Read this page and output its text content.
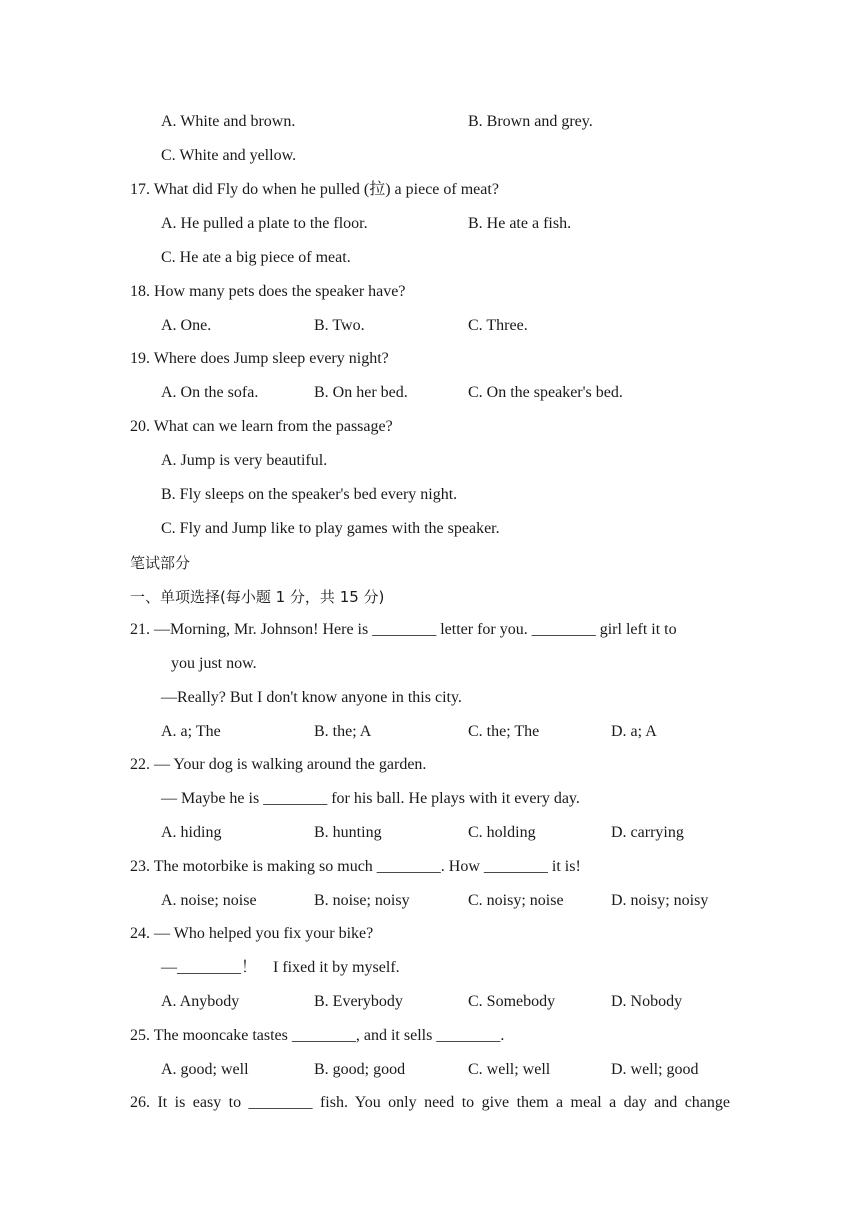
A. White and brown.	B. Brown and grey.
C. White and yellow.
17. What did Fly do when he pulled (拉) a piece of meat?
A. He pulled a plate to the floor.	B. He ate a fish.
C. He ate a big piece of meat.
18. How many pets does the speaker have?
A. One.	B. Two.	C. Three.
19. Where does Jump sleep every night?
A. On the sofa.	B. On her bed.	C. On the speaker's bed.
20. What can we learn from the passage?
A. Jump is very beautiful.
B. Fly sleeps on the speaker's bed every night.
C. Fly and Jump like to play games with the speaker.
笔试部分
一、单项选择(每小题 1 分，共 15 分)
21. —Morning, Mr. Johnson! Here is ________ letter for you. ________ girl left it to
you just now.
—Really? But I don't know anyone in this city.
A. a; The	B. the; A	C. the; The	D. a; A
22. — Your dog is walking around the garden.
— Maybe he is ________ for his ball. He plays with it every day.
A. hiding	B. hunting	C. holding	D. carrying
23. The motorbike is making so much ________. How ________ it is!
A. noise; noise	B. noise; noisy	C. noisy; noise	D. noisy; noisy
24. — Who helped you fix your bike?
—________！　I fixed it by myself.
A. Anybody	B. Everybody	C. Somebody	D. Nobody
25. The mooncake tastes ________, and it sells ________.
A. good; well	B. good; good	C. well; well	D. well; good
26. It is easy to ________ fish. You only need to give them a meal a day and change
